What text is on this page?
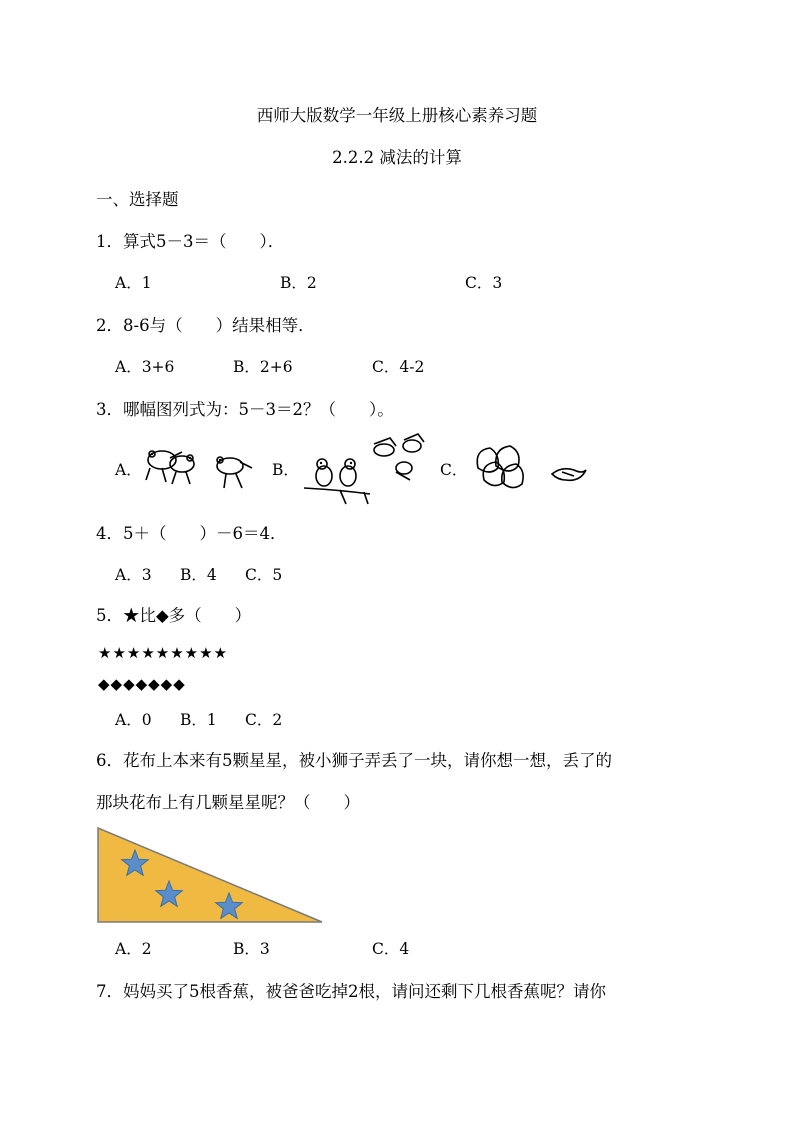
西师大版数学一年级上册核心素养习题
2.2.2 减法的计算
一、选择题
1．算式5－3＝（　　）．
A．1	B．2	C．3
2．8-6与（　　）结果相等．
A．3+6	B．2+6	C．4-2
3．哪幅图列式为：5－3＝2？（　　）。
A．	B．	C．
4．5＋（　　）－6＝4．
A．3 B．4 C．5
5．★比◆多（　　）
★★★★★★★★★
◆◆◆◆◆◆◆
A．0 B．1 C．2
6．花布上本来有5颗星星，被小狮子弄丢了一块，请你想一想，丢了的
那块花布上有几颗星星呢？（　　）
A．2	B．3	C．4
7．妈妈买了5根香蕉，被爸爸吃掉2根，请问还剩下几根香蕉呢？请你
